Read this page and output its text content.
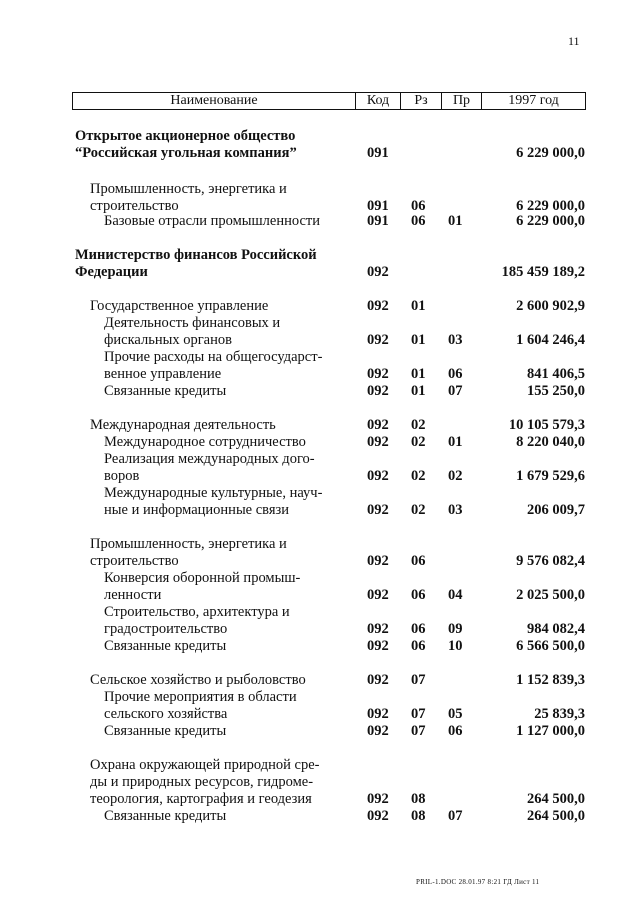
11
Наименование	Код	Рз	Пр	1997 год
Открытое акционерное общество
“Российская угольная компания”	091	6 229 000,0
Промышленность, энергетика и
строительство	091 06	6 229 000,0
Базовые отрасли промышленности	091 06 01	6 229 000,0
Министерство финансов Российской
Федерации	092	185 459 189,2
Государственное управление	092 01	2 600 902,9
Деятельность финансовых и
фискальных органов	092 01 03	1 604 246,4
Прочие расходы на общегосударст-
венное управление	092 01 06	841 406,5
Связанные кредиты	092 01 07	155 250,0
Международная деятельность	092 02	10 105 579,3
Международное сотрудничество	092 02 01	8 220 040,0
Реализация международных дого-
воров	092 02 02	1 679 529,6
Международные культурные, науч-
ные и информационные связи	092 02 03	206 009,7
Промышленность, энергетика и
строительство	092 06	9 576 082,4
Конверсия оборонной промыш-
ленности	092 06 04	2 025 500,0
Строительство, архитектура и
градостроительство	092 06 09	984 082,4
Связанные кредиты	092 06 10	6 566 500,0
Сельское хозяйство и рыболовство	092 07	1 152 839,3
Прочие мероприятия в области
сельского хозяйства	092 07 05	25 839,3
Связанные кредиты	092 07 06	1 127 000,0
Охрана окружающей природной сре-
ды и природных ресурсов, гидроме-
теорология, картография и геодезия	092 08	264 500,0
Связанные кредиты	092 08 07	264 500,0
PRIL-1.DOC 28.01.97 8:21 ГД Лист 11
